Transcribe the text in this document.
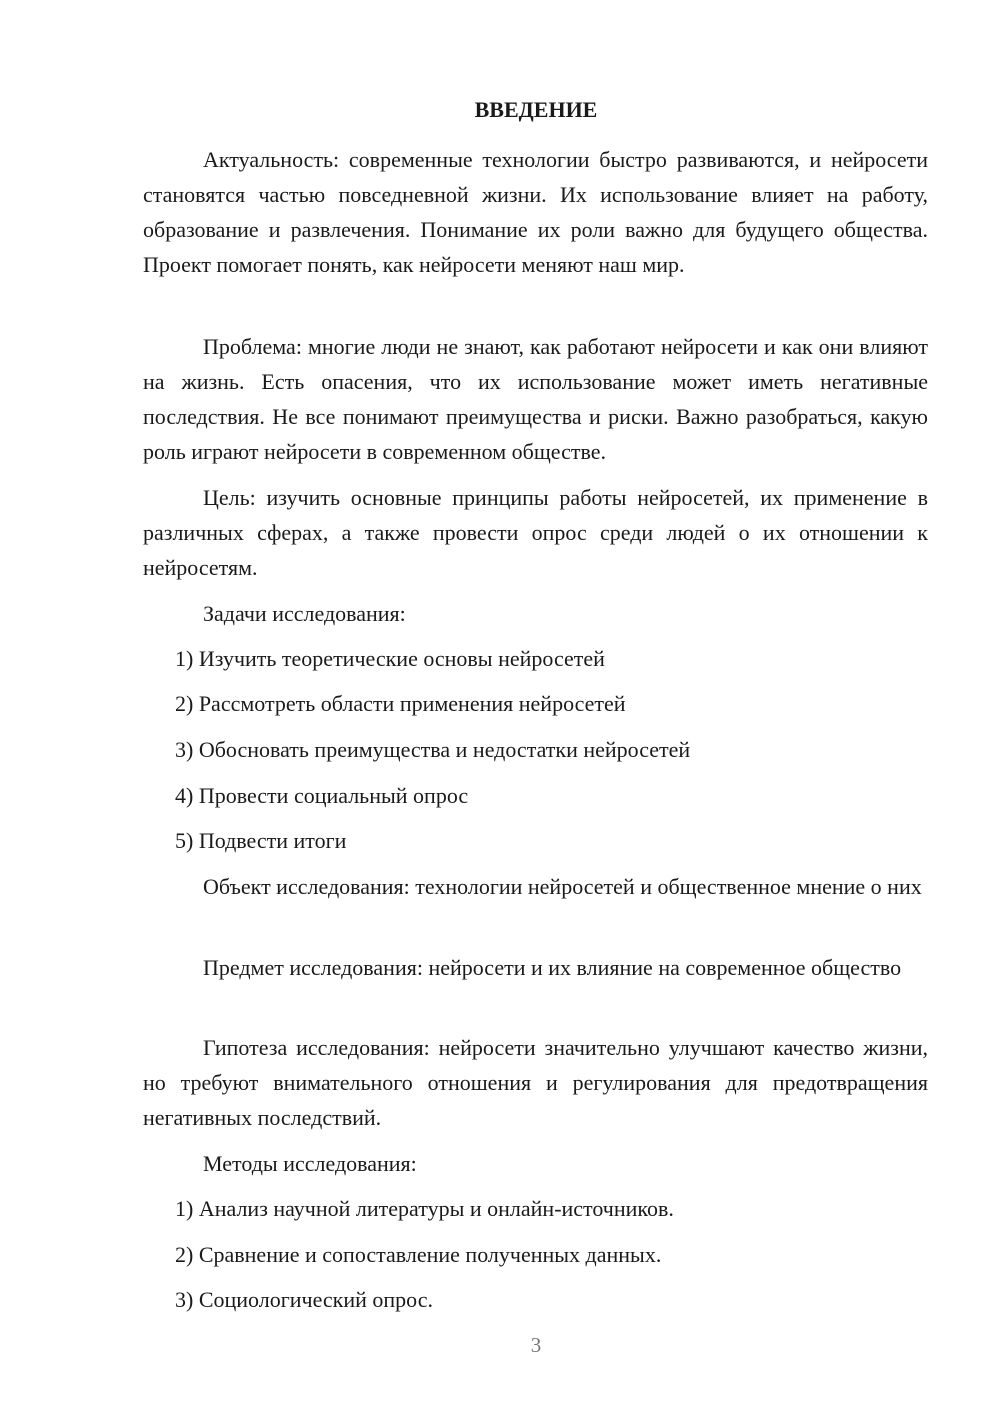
ВВЕДЕНИЕ

Актуальность: современные технологии быстро развиваются, и нейросети становятся частью повседневной жизни. Их использование влияет на работу, образование и развлечения. Понимание их роли важно для будущего общества. Проект помогает понять, как нейросети меняют наш мир.

Проблема: многие люди не знают, как работают нейросети и как они влияют на жизнь. Есть опасения, что их использование может иметь негативные последствия. Не все понимают преимущества и риски. Важно разобраться, какую роль играют нейросети в современном обществе.

Цель: изучить основные принципы работы нейросетей, их применение в различных сферах, а также провести опрос среди людей о их отношении к нейросетям.

Задачи исследования:

1) Изучить теоретические основы нейросетей

2) Рассмотреть области применения нейросетей

3) Обосновать преимущества и недостатки нейросетей

4) Провести социальный опрос

5) Подвести итоги

Объект исследования: технологии нейросетей и общественное мнение о них

Предмет исследования: нейросети и их влияние на современное общество

Гипотеза исследования: нейросети значительно улучшают качество жизни, но требуют внимательного отношения и регулирования для предотвращения негативных последствий.

Методы исследования:

1) Анализ научной литературы и онлайн-источников.

2) Сравнение и сопоставление полученных данных.

3) Социологический опрос.

3
